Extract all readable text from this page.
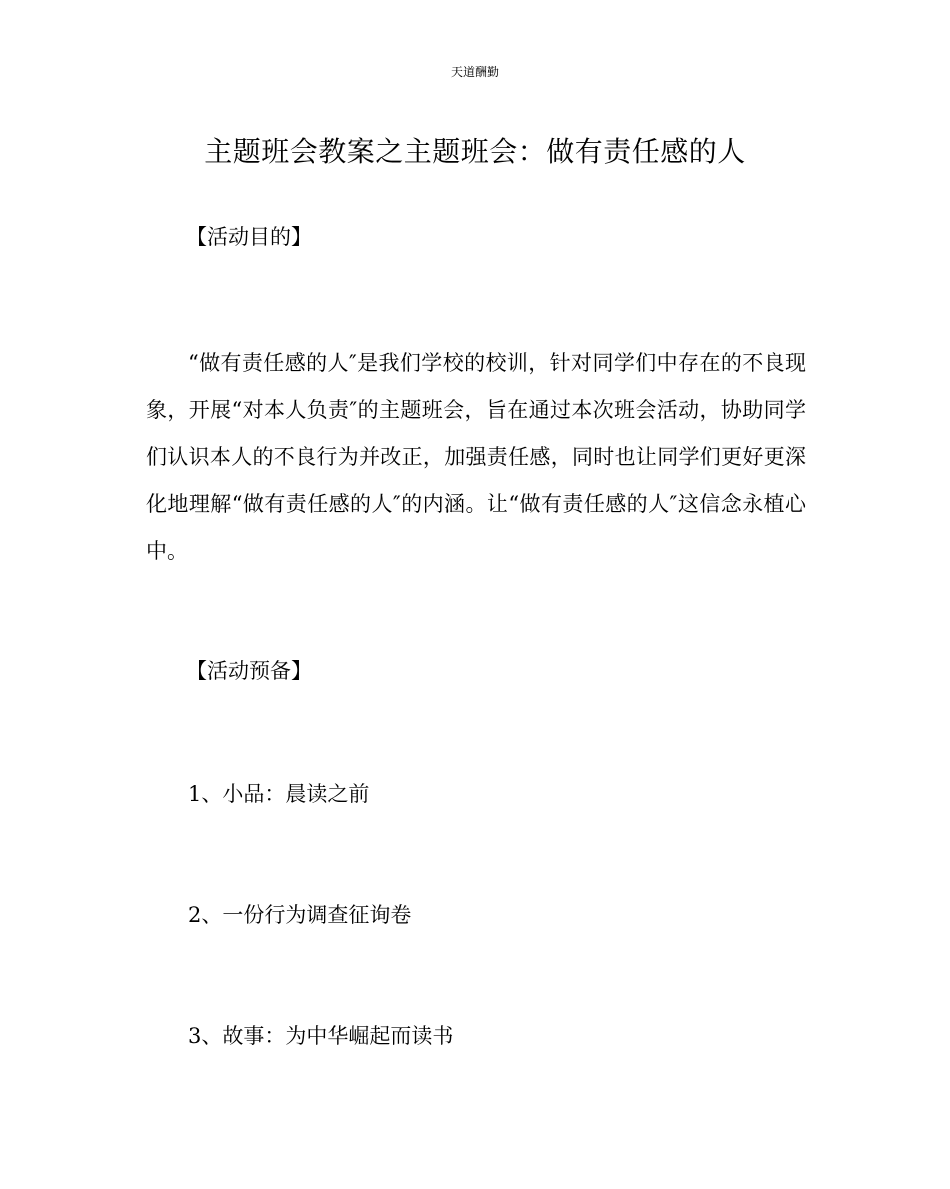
天道酬勤
主题班会教案之主题班会：做有责任感的人
【活动目的】
“做有责任感的人″是我们学校的校训，针对同学们中存在的不良现象，开展“对本人负责″的主题班会，旨在通过本次班会活动，协助同学们认识本人的不良行为并改正，加强责任感，同时也让同学们更好更深化地理解“做有责任感的人″的内涵。让“做有责任感的人″这信念永植心中。
【活动预备】
1、小品：晨读之前
2、一份行为调查征询卷
3、故事：为中华崛起而读书
